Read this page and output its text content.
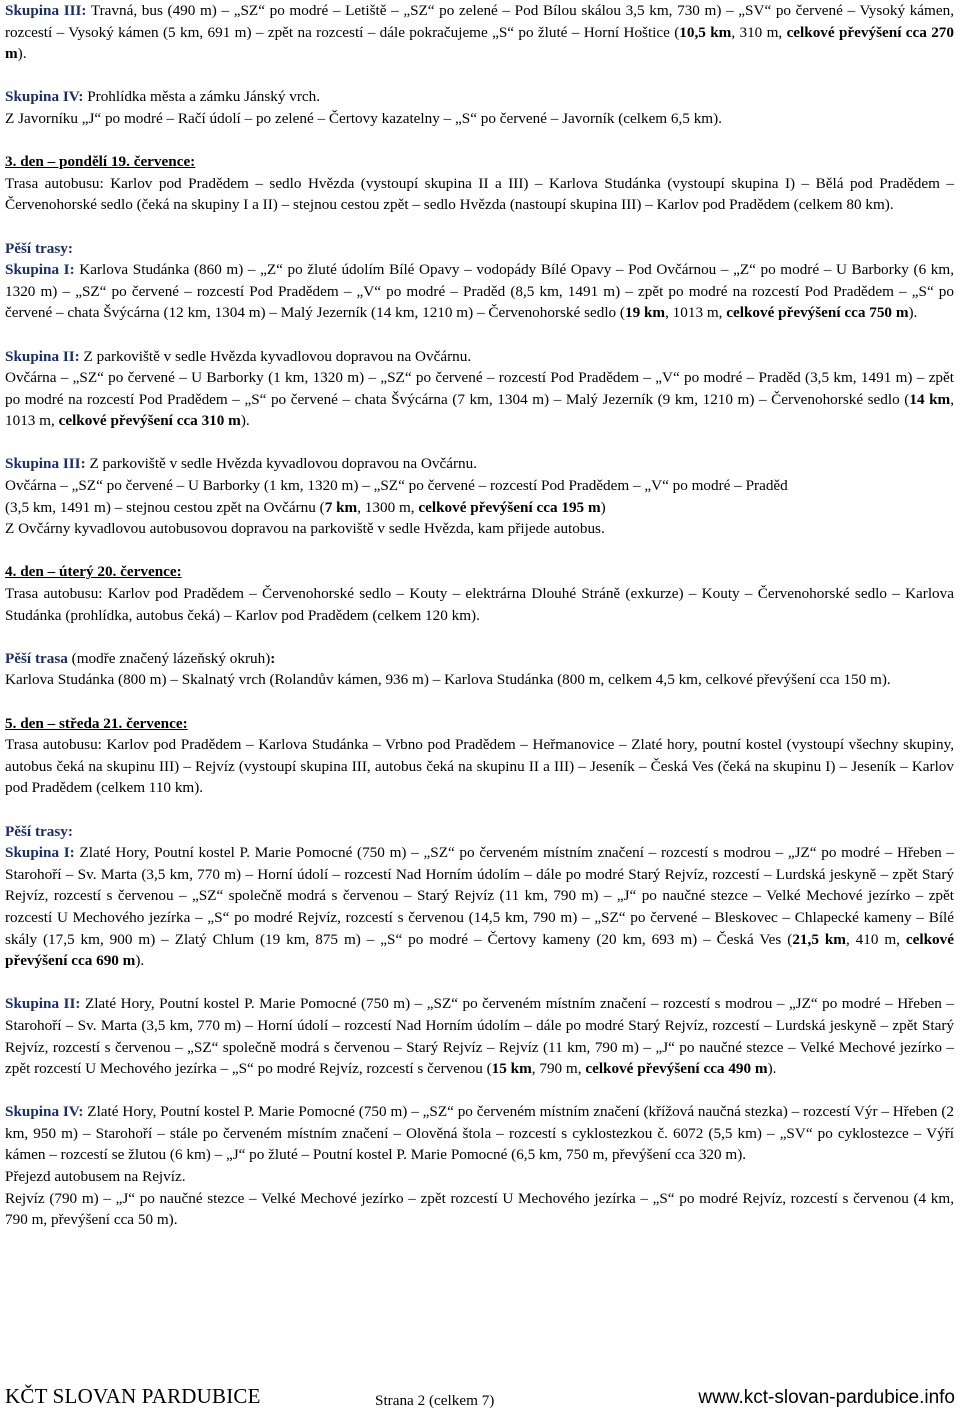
Skupina III: Travná, bus (490 m) – „SZ“ po modré – Letiště – „SZ“ po zelené – Pod Bílou skálou 3,5 km, 730 m) – „SV“ po červené – Vysoký kámen, rozcestí – Vysoký kámen (5 km, 691 m) – zpět na rozcestí – dále pokračujeme „S“ po žluté – Horní Hoštice (10,5 km, 310 m, celkové převýšení cca 270 m).

Skupina IV: Prohlídka města a zámku Jánský vrch.

Z Javorníku „J“ po modré – Račí údolí – po zelené – Čertovy kazatelny – „S“ po červené – Javorník (celkem 6,5 km).

3. den – pondělí 19. července:

Trasa autobusu: Karlov pod Pradědem – sedlo Hvězda (vystoupí skupina II a III) – Karlova Studánka (vystoupí skupina I) – Bělá pod Pradědem – Červenohorské sedlo (čeká na skupiny I a II) – stejnou cestou zpět – sedlo Hvězda (nastoupí skupina III) – Karlov pod Pradědem (celkem 80 km).

Pěší trasy:

Skupina I: Karlova Studánka (860 m) – „Z“ po žluté údolím Bílé Opavy – vodopády Bílé Opavy – Pod Ovčárnou – „Z“ po modré – U Barborky (6 km, 1320 m) – „SZ“ po červené – rozcestí Pod Pradědem – „V“ po modré – Praděd (8,5 km, 1491 m) – zpět po modré na rozcestí Pod Pradědem – „S“ po červené – chata Švýcárna (12 km, 1304 m) – Malý Jezerník (14 km, 1210 m) – Červenohorské sedlo (19 km, 1013 m, celkové převýšení cca 750 m).

Skupina II: Z parkoviště v sedle Hvězda kyvadlovou dopravou na Ovčárnu.

Ovčárna – „SZ“ po červené – U Barborky (1 km, 1320 m) – „SZ“ po červené – rozcestí Pod Pradědem – „V“ po modré – Praděd (3,5 km, 1491 m) – zpět po modré na rozcestí Pod Pradědem – „S“ po červené – chata Švýcárna (7 km, 1304 m) – Malý Jezerník (9 km, 1210 m) – Červenohorské sedlo (14 km, 1013 m, celkové převýšení cca 310 m).

Skupina III: Z parkoviště v sedle Hvězda kyvadlovou dopravou na Ovčárnu.

Ovčárna – „SZ“ po červené – U Barborky (1 km, 1320 m) – „SZ“ po červené – rozcestí Pod Pradědem – „V“ po modré – Praděd

(3,5 km, 1491 m) – stejnou cestou zpět na Ovčárnu (7 km, 1300 m, celkové převýšení cca 195 m)

Z Ovčárny kyvadlovou autobusovou dopravou na parkoviště v sedle Hvězda, kam přijede autobus.

4. den – úterý 20. července:

Trasa autobusu: Karlov pod Pradědem – Červenohorské sedlo – Kouty – elektrárna Dlouhé Stráně (exkurze) – Kouty – Červenohorské sedlo – Karlova Studánka (prohlídka, autobus čeká) – Karlov pod Pradědem (celkem 120 km).

Pěší trasa (modře značený lázeňský okruh):

Karlova Studánka (800 m) – Skalnatý vrch (Rolandův kámen, 936 m) – Karlova Studánka (800 m, celkem 4,5 km, celkové převýšení cca 150 m).

5. den – středa 21. července:

Trasa autobusu: Karlov pod Pradědem – Karlova Studánka – Vrbno pod Pradědem – Heřmanovice – Zlaté hory, poutní kostel (vystoupí všechny skupiny, autobus čeká na skupinu III) – Rejvíz (vystoupí skupina III, autobus čeká na skupinu II a III) – Jeseník – Česká Ves (čeká na skupinu I) – Jeseník – Karlov pod Pradědem (celkem 110 km).

Pěší trasy:

Skupina I: Zlaté Hory, Poutní kostel P. Marie Pomocné (750 m) – „SZ“ po červeném místním značení – rozcestí s modrou – „JZ“ po modré – Hřeben – Starohoří – Sv. Marta (3,5 km, 770 m) – Horní údolí – rozcestí Nad Horním údolím – dále po modré Starý Rejvíz, rozcestí – Lurdská jeskyně – zpět Starý Rejvíz, rozcestí s červenou – „SZ“ společně modrá s červenou – Starý Rejvíz (11 km, 790 m) – „J“ po naučné stezce – Velké Mechové jezírko – zpět rozcestí U Mechového jezírka – „S“ po modré Rejvíz, rozcestí s červenou (14,5 km, 790 m) – „SZ“ po červené – Bleskovec – Chlapecké kameny – Bílé skály (17,5 km, 900 m) – Zlatý Chlum (19 km, 875 m) – „S“ po modré – Čertovy kameny (20 km, 693 m) – Česká Ves (21,5 km, 410 m, celkové převýšení cca 690 m).

Skupina II: Zlaté Hory, Poutní kostel P. Marie Pomocné (750 m) – „SZ“ po červeném místním značení – rozcestí s modrou – „JZ“ po modré – Hřeben – Starohoří – Sv. Marta (3,5 km, 770 m) – Horní údolí – rozcestí Nad Horním údolím – dále po modré Starý Rejvíz, rozcestí – Lurdská jeskyně – zpět Starý Rejvíz, rozcestí s červenou – „SZ“ společně modrá s červenou – Starý Rejvíz – Rejvíz (11 km, 790 m) – „J“ po naučné stezce – Velké Mechové jezírko – zpět rozcestí U Mechového jezírka – „S“ po modré Rejvíz, rozcestí s červenou (15 km, 790 m, celkové převýšení cca 490 m).

Skupina IV: Zlaté Hory, Poutní kostel P. Marie Pomocné (750 m) – „SZ“ po červeném místním značení (křížová naučná stezka) – rozcestí Výr – Hřeben (2 km, 950 m) – Starohoří – stále po červeném místním značení – Olověná štola – rozcestí s cyklostezkou č. 6072 (5,5 km) – „SV“ po cyklostezce – Výří kámen – rozcestí se žlutou (6 km) – „J“ po žluté – Poutní kostel P. Marie Pomocné (6,5 km, 750 m, převýšení cca 320 m).

Přejezd autobusem na Rejvíz.

Rejvíz (790 m) – „J“ po naučné stezce – Velké Mechové jezírko – zpět rozcestí U Mechového jezírka – „S“ po modré Rejvíz, rozcestí s červenou (4 km, 790 m, převýšení cca 50 m).

KČT SLOVAN PARDUBICE	Strana 2 (celkem 7)	www.kct-slovan-pardubice.info
